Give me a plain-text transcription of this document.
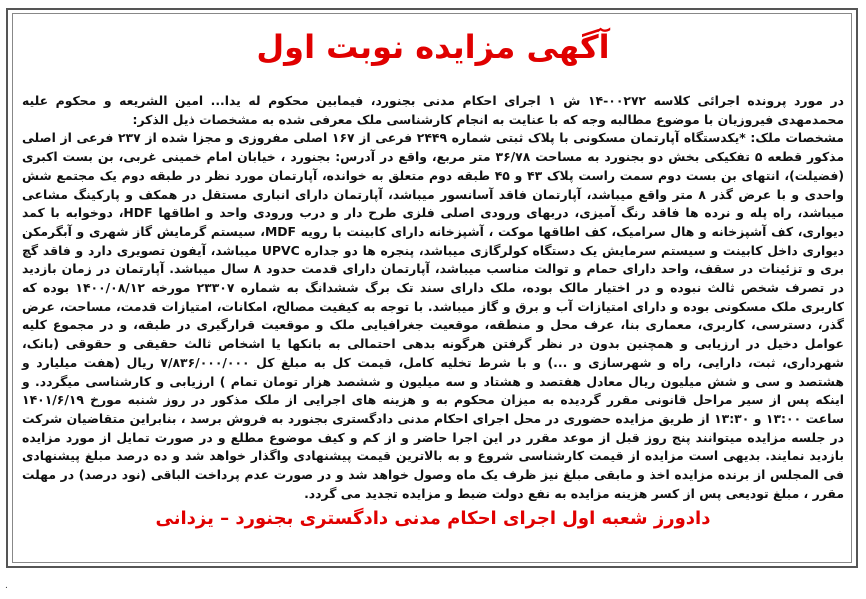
آگهی مزایده نوبت اول

در مورد پرونده اجرائی کلاسه ۰۰۲۷۲-۱۴ ش ۱ اجرای احکام مدنی بجنورد، فیمابین محکوم له یدا... امین الشریعه و محکوم علیه محمدمهدی فیروزیان با موضوع مطالبه وجه که با عنایت به انجام کارشناسی ملک معرفی شده به مشخصات ذیل الذکر:

مشخصات ملک: *یکدستگاه آپارتمان مسکونی با پلاک ثبتی شماره ۲۴۴۹ فرعی از ۱۶۷ اصلی مفروزی و مجزا شده از ۲۳۷ فرعی از اصلی مذکور قطعه ۵ تفکیکی بخش دو بجنورد به مساحت ۳۶/۷۸ متر مربع، واقع در آدرس: بجنورد ، خیابان امام خمینی غربی، بن بست اکبری (فضیلت)، انتهای بن بست دوم سمت راست پلاک ۴۳ و ۴۵ طبقه دوم متعلق به خوانده، آپارتمان مورد نظر در طبقه دوم یک مجتمع شش واحدی و با عرض گذر ۸ متر واقع میباشد، آپارتمان فاقد آسانسور میباشد، آپارتمان دارای انباری مستقل در همکف و پارکینگ مشاعی میباشد، راه پله و نرده ها فاقد رنگ آمیزی، دربهای ورودی اصلی فلزی طرح دار و درب ورودی واحد و اطاقها HDF، دوخوابه با کمد دیواری، کف آشپزخانه و هال سرامیک، کف اطاقها موکت ، آشپزخانه دارای کابینت با رویه MDF، سیستم گرمایش گاز شهری و آبگرمکن دیواری داخل کابینت و سیستم سرمایش یک دستگاه کولرگازی میباشد، پنجره ها دو جداره UPVC میباشد، آیفون تصویری دارد و فاقد گچ بری و تزئینات در سقف، واحد دارای حمام و توالت مناسب میباشد، آپارتمان دارای قدمت حدود ۸ سال میباشد. آپارتمان در زمان بازدید در تصرف شخص ثالث نبوده و در اختیار مالک بوده، ملک دارای سند تک برگ ششدانگ به شماره ۲۳۳۰۷ مورخه ۱۴۰۰/۰۸/۱۲ بوده که کاربری ملک مسکونی بوده و دارای امتیازات آب و برق و گاز میباشد. با توجه به کیفیت مصالح، امکانات، امتیازات قدمت، مساحت، عرض گذر، دسترسی، کاربری، معماری بنا، عرف محل و منطقه، موقعیت جغرافیایی ملک و موقعیت قرارگیری در طبقه، و در مجموع کلیه عوامل دخیل در ارزیابی و همچنین بدون در نظر گرفتن هرگونه بدهی احتمالی به بانکها یا اشخاص ثالث حقیقی و حقوقی (بانک، شهرداری، ثبت، دارایی، راه و شهرسازی و ...) و با شرط تخلیه کامل، قیمت کل به مبلغ کل ۷/۸۳۶/۰۰۰/۰۰۰ ریال (هفت میلیارد و هشتصد و سی و شش میلیون ریال معادل هفتصد و هشتاد و سه میلیون و ششصد هزار تومان تمام ) ارزیابی و کارشناسی میگردد. و اینکه پس از سیر مراحل قانونی مقرر گردیده به میزان محکوم به و هزینه های اجرایی از ملک مذکور در روز شنبه مورخ ۱۴۰۱/۶/۱۹ ساعت ۱۳:۰۰ و ۱۳:۳۰ از طریق مزایده حضوری در محل اجرای احکام مدنی دادگستری بجنورد به فروش برسد ، بنابراین متقاضیان شرکت در جلسه مزایده میتوانند پنج روز قبل از موعد مقرر در این اجرا حاضر و از کم و کیف موضوع مطلع و در صورت تمایل از مورد مزایده بازدید نمایند. بدیهی است مزایده از قیمت کارشناسی شروع و به بالاترین قیمت پیشنهادی واگذار خواهد شد و ده درصد مبلغ پیشنهادی فی المجلس از برنده مزایده اخذ و مابقی مبلغ نیز ظرف یک ماه وصول خواهد شد و در صورت عدم پرداخت الباقی (نود درصد) در مهلت مقرر ، مبلغ تودیعی پس از کسر هزینه مزایده به نفع دولت ضبط و مزایده تجدید می گردد.

دادورز شعبه اول اجرای احکام مدنی دادگستری بجنورد – یزدانی
۰
